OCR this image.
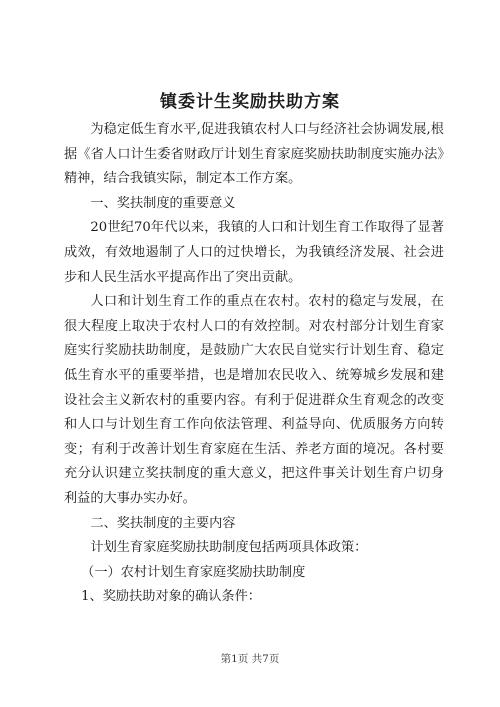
镇委计生奖励扶助方案

为稳定低生育水平,促进我镇农村人口与经济社会协调发展,根据《省人口计生委省财政厅计划生育家庭奖励扶助制度实施办法》精神，结合我镇实际，制定本工作方案。

一、奖扶制度的重要意义

20世纪70年代以来，我镇的人口和计划生育工作取得了显著成效，有效地遏制了人口的过快增长，为我镇经济发展、社会进步和人民生活水平提高作出了突出贡献。

人口和计划生育工作的重点在农村。农村的稳定与发展，在很大程度上取决于农村人口的有效控制。对农村部分计划生育家庭实行奖励扶助制度，是鼓励广大农民自觉实行计划生育、稳定低生育水平的重要举措，也是增加农民收入、统筹城乡发展和建设社会主义新农村的重要内容。有利于促进群众生育观念的改变和人口与计划生育工作向依法管理、利益导向、优质服务方向转变；有利于改善计划生育家庭在生活、养老方面的境况。各村要充分认识建立奖扶制度的重大意义，把这件事关计划生育户切身利益的大事办实办好。

二、奖扶制度的主要内容

计划生育家庭奖励扶助制度包括两项具体政策：

（一）农村计划生育家庭奖励扶助制度

1、奖励扶助对象的确认条件：

第1页 共7页
